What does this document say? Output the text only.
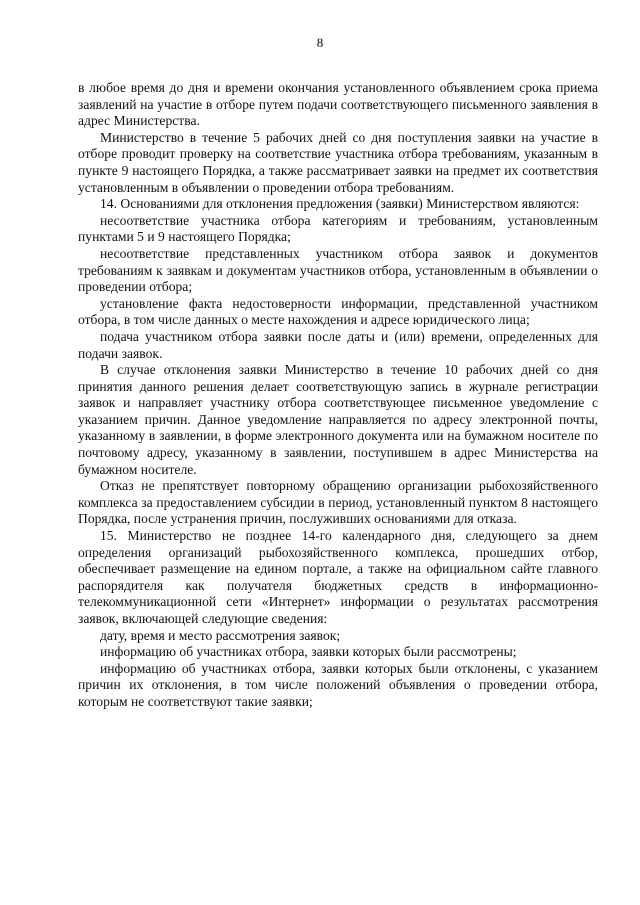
8

в любое время до дня и времени окончания установленного объявлением срока приема заявлений на участие в отборе путем подачи соответствующего письменного заявления в адрес Министерства.

Министерство в течение 5 рабочих дней со дня поступления заявки на участие в отборе проводит проверку на соответствие участника отбора требованиям, указанным в пункте 9 настоящего Порядка, а также рассматривает заявки на предмет их соответствия установленным в объявлении о проведении отбора требованиям.

14. Основаниями для отклонения предложения (заявки) Министерством являются:

несоответствие участника отбора категориям и требованиям, установленным пунктами 5 и 9 настоящего Порядка;

несоответствие представленных участником отбора заявок и документов требованиям к заявкам и документам участников отбора, установленным в объявлении о проведении отбора;

установление факта недостоверности информации, представленной участником отбора, в том числе данных о месте нахождения и адресе юридического лица;

подача участником отбора заявки после даты и (или) времени, определенных для подачи заявок.

В случае отклонения заявки Министерство в течение 10 рабочих дней со дня принятия данного решения делает соответствующую запись в журнале регистрации заявок и направляет участнику отбора соответствующее письменное уведомление с указанием причин. Данное уведомление направляется по адресу электронной почты, указанному в заявлении, в форме электронного документа или на бумажном носителе по почтовому адресу, указанному в заявлении, поступившем в адрес Министерства на бумажном носителе.

Отказ не препятствует повторному обращению организации рыбохозяйственного комплекса за предоставлением субсидии в период, установленный пунктом 8 настоящего Порядка, после устранения причин, послуживших основаниями для отказа.

15. Министерство не позднее 14-го календарного дня, следующего за днем определения организаций рыбохозяйственного комплекса, прошедших отбор, обеспечивает размещение на едином портале, а также на официальном сайте главного распорядителя как получателя бюджетных средств в информационно-телекоммуникационной сети «Интернет» информации о результатах рассмотрения заявок, включающей следующие сведения:

дату, время и место рассмотрения заявок;

информацию об участниках отбора, заявки которых были рассмотрены;

информацию об участниках отбора, заявки которых были отклонены, с указанием причин их отклонения, в том числе положений объявления о проведении отбора, которым не соответствуют такие заявки;
